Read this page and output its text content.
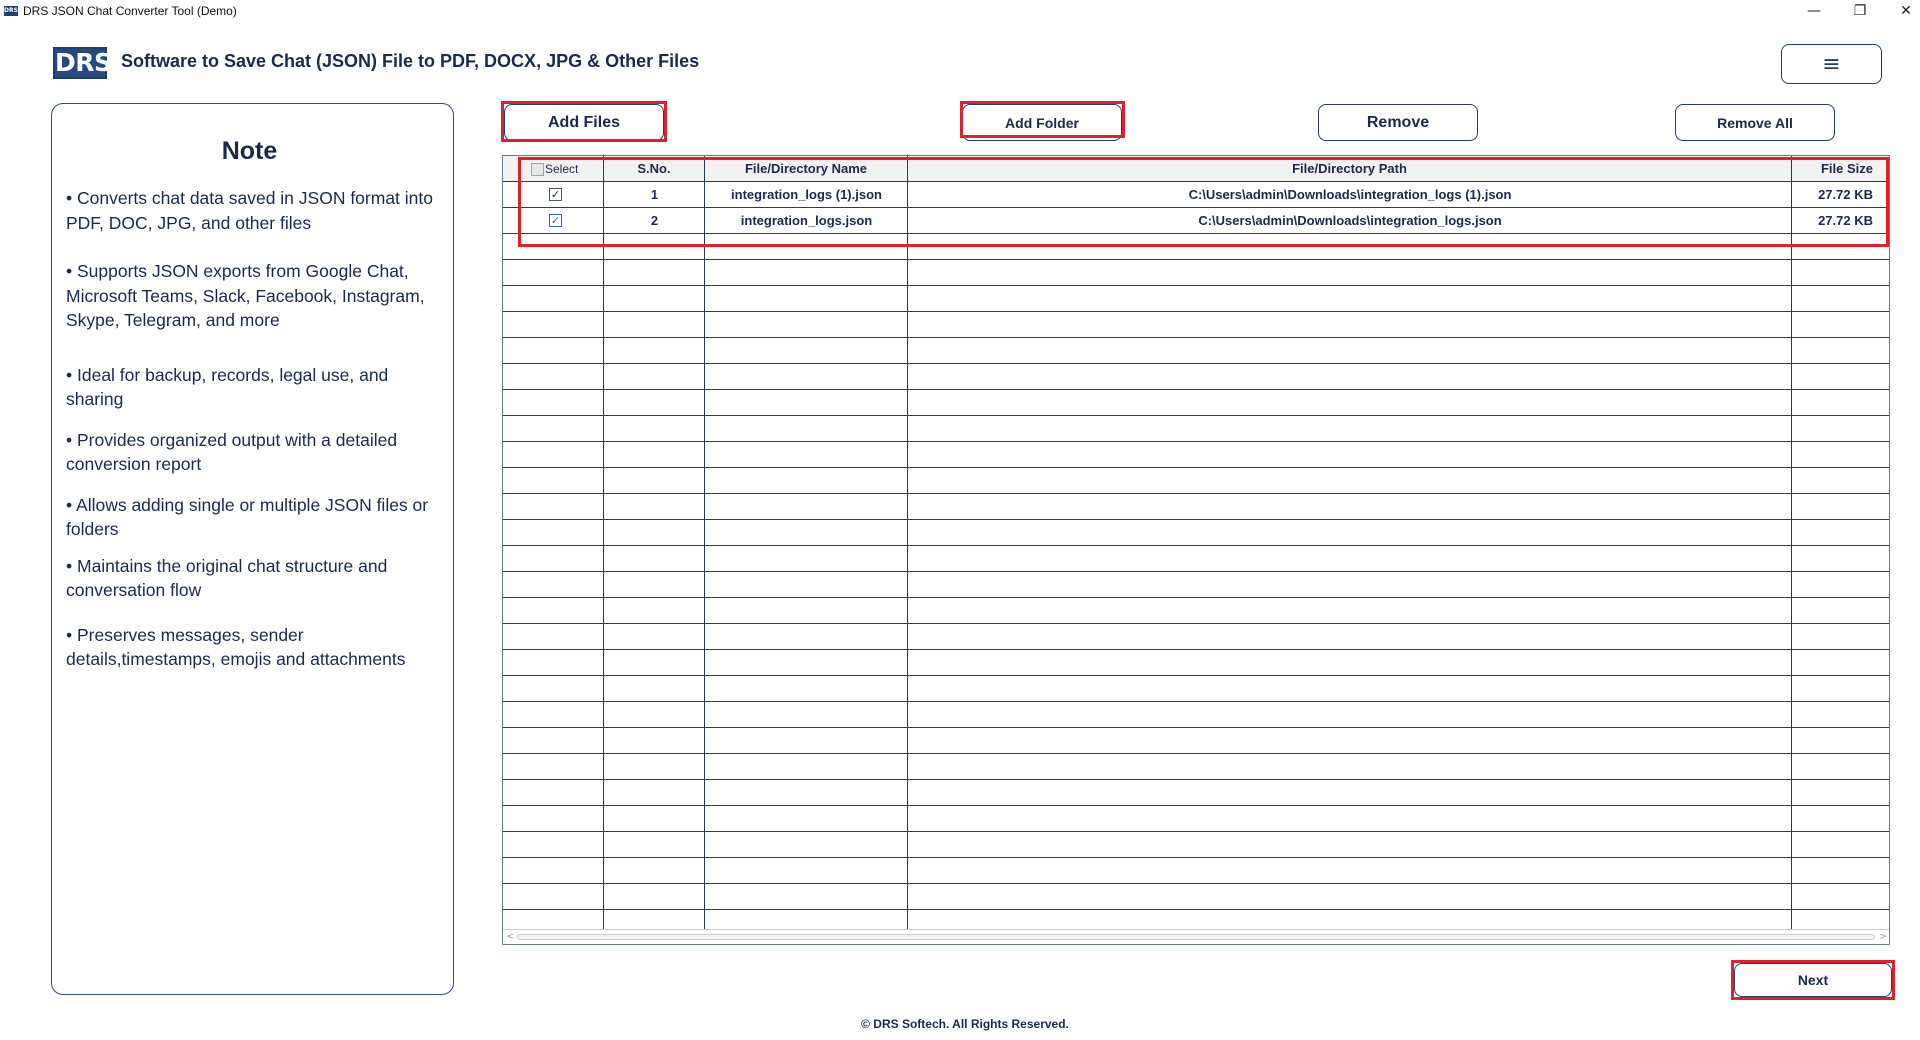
DRS DRS JSON Chat Converter Tool (Demo)	—	❐	✕
DRS Software to Save Chat (JSON) File to PDF, DOCX, JPG & Other Files	≡
Note

• Converts chat data saved in JSON format into PDF, DOC, JPG, and other files

• Supports JSON exports from Google Chat, Microsoft Teams, Slack, Facebook, Instagram, Skype, Telegram, and more

• Ideal for backup, records, legal use, and sharing

• Provides organized output with a detailed conversion report

• Allows adding single or multiple JSON files or folders

• Maintains the original chat structure and conversation flow

• Preserves messages, sender details,timestamps, emojis and attachments

Add Files	Add Folder	Remove	Remove All
Select	S.No.	File/Directory Name	File/Directory Path	File Size
✓	1	integration_logs (1).json	C:\Users\admin\Downloads\integration_logs (1).json	27.72 KB
✓	2	integration_logs.json	C:\Users\admin\Downloads\integration_logs.json	27.72 KB
<	>
Next
© DRS Softech. All Rights Reserved.
